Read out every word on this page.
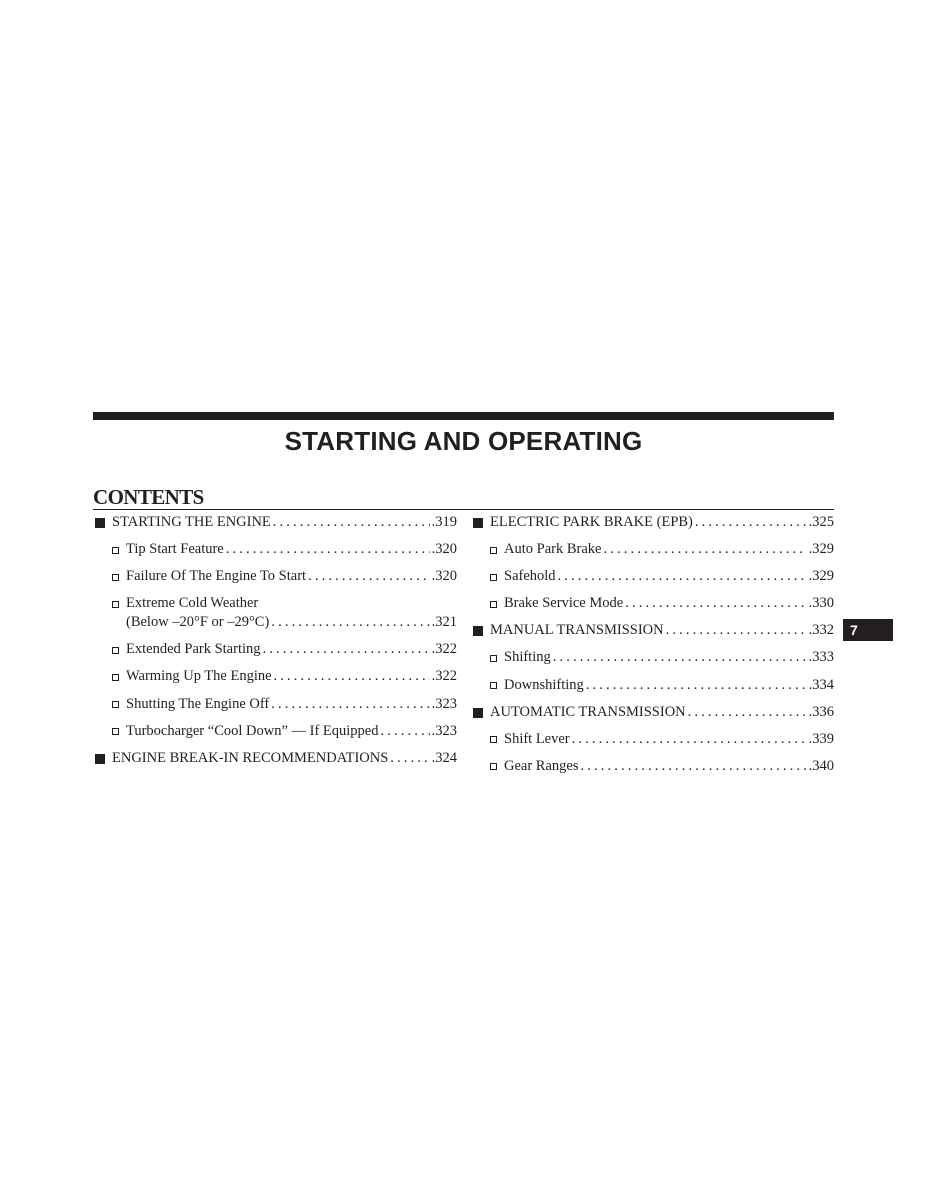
STARTING AND OPERATING
CONTENTS
STARTING THE ENGINE . . .	.319
Tip Start Feature . . .	.320
Failure Of The Engine To Start . . .	.320
Extreme Cold Weather
(Below –20°F or –29°C) . . .	.321
Extended Park Starting . . .	.322
Warming Up The Engine . . .	.322
Shutting The Engine Off . . .	.323
Turbocharger “Cool Down” — If Equipped . . .	.323
ENGINE BREAK-IN RECOMMENDATIONS . . .	.324
ELECTRIC PARK BRAKE (EPB) . . .	.325
Auto Park Brake . . .	.329
Safehold . . .	.329
Brake Service Mode . . .	.330
MANUAL TRANSMISSION . . .	.332
Shifting . . .	.333
Downshifting . . .	.334
AUTOMATIC TRANSMISSION . . .	.336
Shift Lever . . .	.339
Gear Ranges . . .	.340
7
